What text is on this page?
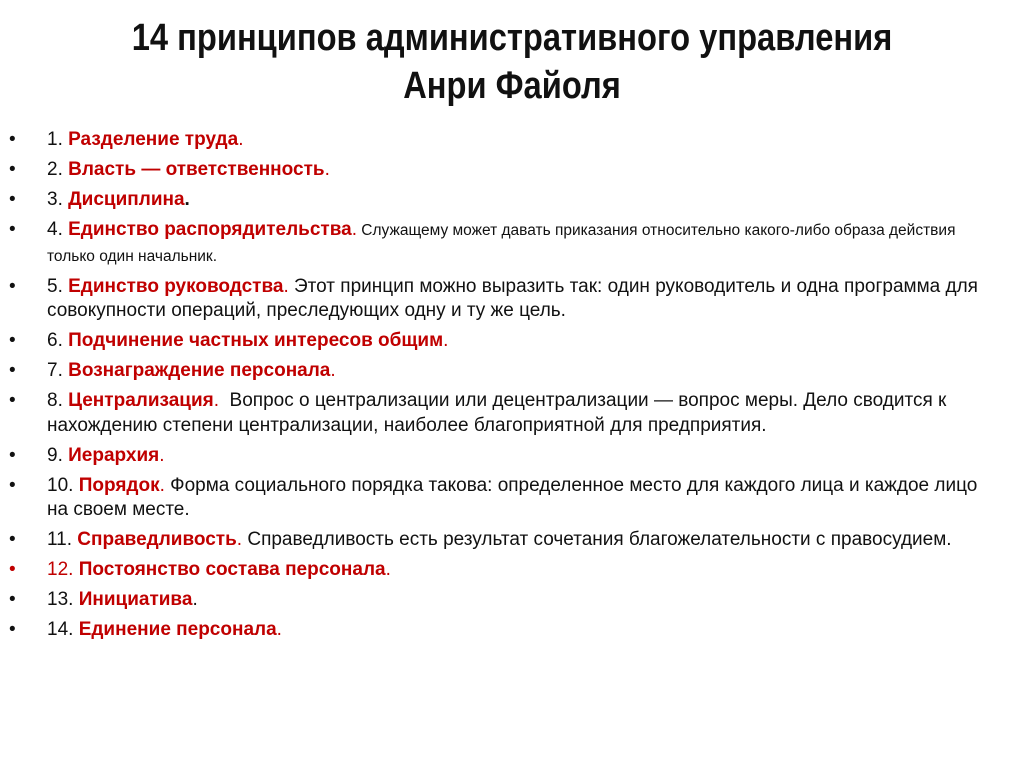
14 принципов административного управления
Анри Файоля
• 1. Разделение труда.
• 2. Власть — ответственность.
• 3. Дисциплина.
• 4. Единство распорядительства. Служащему может давать приказания относительно какого-либо образа действия только один начальник.
• 5. Единство руководства. Этот принцип можно выразить так: один руководитель и одна программа для совокупности операций, преследующих одну и ту же цель.
• 6. Подчинение частных интересов общим.
• 7. Вознаграждение персонала.
• 8. Централизация.  Вопрос о централизации или децентрализации — вопрос меры. Дело сводится к нахождению степени централизации, наиболее благоприятной для предприятия.
• 9. Иерархия.
• 10. Порядок. Форма социального порядка такова: определенное место для каждого лица и каждое лицо на своем месте.
• 11. Справедливость. Справедливость есть результат сочетания благожелательности с правосудием.
• 12. Постоянство состава персонала.
• 13. Инициатива.
• 14. Единение персонала.
